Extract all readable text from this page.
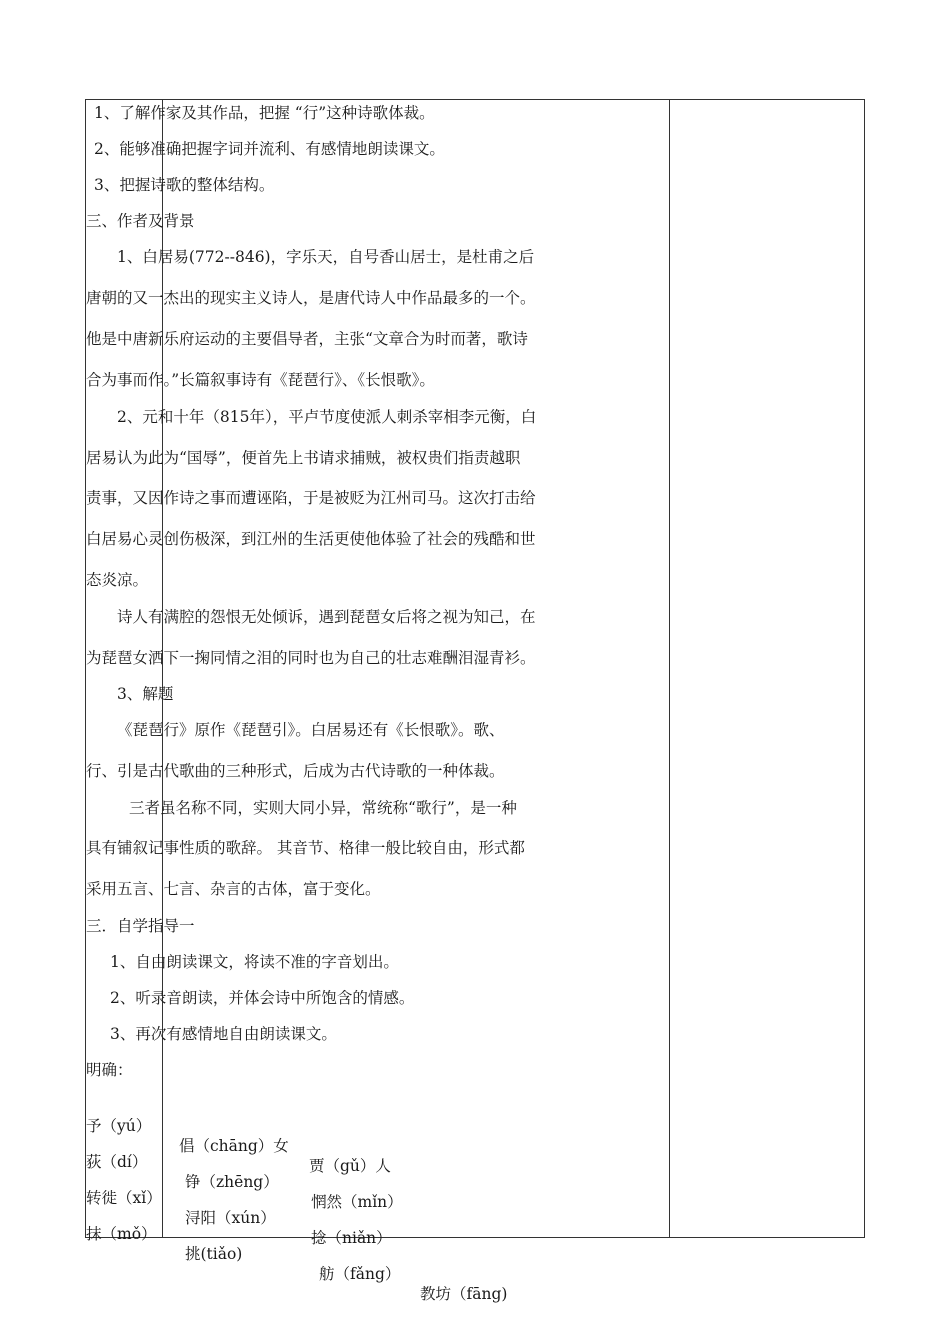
1、了解作家及其作品，把握 “行”这种诗歌体裁。
2、能够准确把握字词并流利、有感情地朗读课文。
3、把握诗歌的整体结构。
三、作者及背景
1、白居易(772--846)，字乐天，自号香山居士，是杜甫之后
唐朝的又一杰出的现实主义诗人，是唐代诗人中作品最多的一个。
他是中唐新乐府运动的主要倡导者，主张“文章合为时而著，歌诗
合为事而作。”长篇叙事诗有《琵琶行》、《长恨歌》。
2、元和十年（815年），平卢节度使派人刺杀宰相李元衡，白
居易认为此为“国辱”，便首先上书请求捕贼，被权贵们指责越职
责事，又因作诗之事而遭诬陷，于是被贬为江州司马。这次打击给
白居易心灵创伤极深，到江州的生活更使他体验了社会的残酷和世
态炎凉。
诗人有满腔的怨恨无处倾诉，遇到琵琶女后将之视为知己，在
为琵琶女洒下一掬同情之泪的同时也为自己的壮志难酬泪湿青衫。
3、解题
《琵琶行》原作《琵琶引》。白居易还有《长恨歌》。歌、
行、引是古代歌曲的三种形式，后成为古代诗歌的一种体裁。
三者虽名称不同，实则大同小异，常统称“歌行”，是一种
具有铺叙记事性质的歌辞。 其音节、格律一般比较自由，形式都
采用五言、七言、杂言的古体，富于变化。
三．自学指导一
1、自由朗读课文，将读不准的字音划出。
2、听录音朗读，并体会诗中所饱含的情感。
3、再次有感情地自由朗读课文。
明确：

予（yú）

倡（chāng）女

贾（gǔ）人

荻（dí）

铮（zhēng）

惘然（mǐn）

转徙（xǐ）

浔阳（xún）

捻（niǎn）

抹（mǒ）

挑(tiǎo)

舫（fǎng）

教坊（fāng)
